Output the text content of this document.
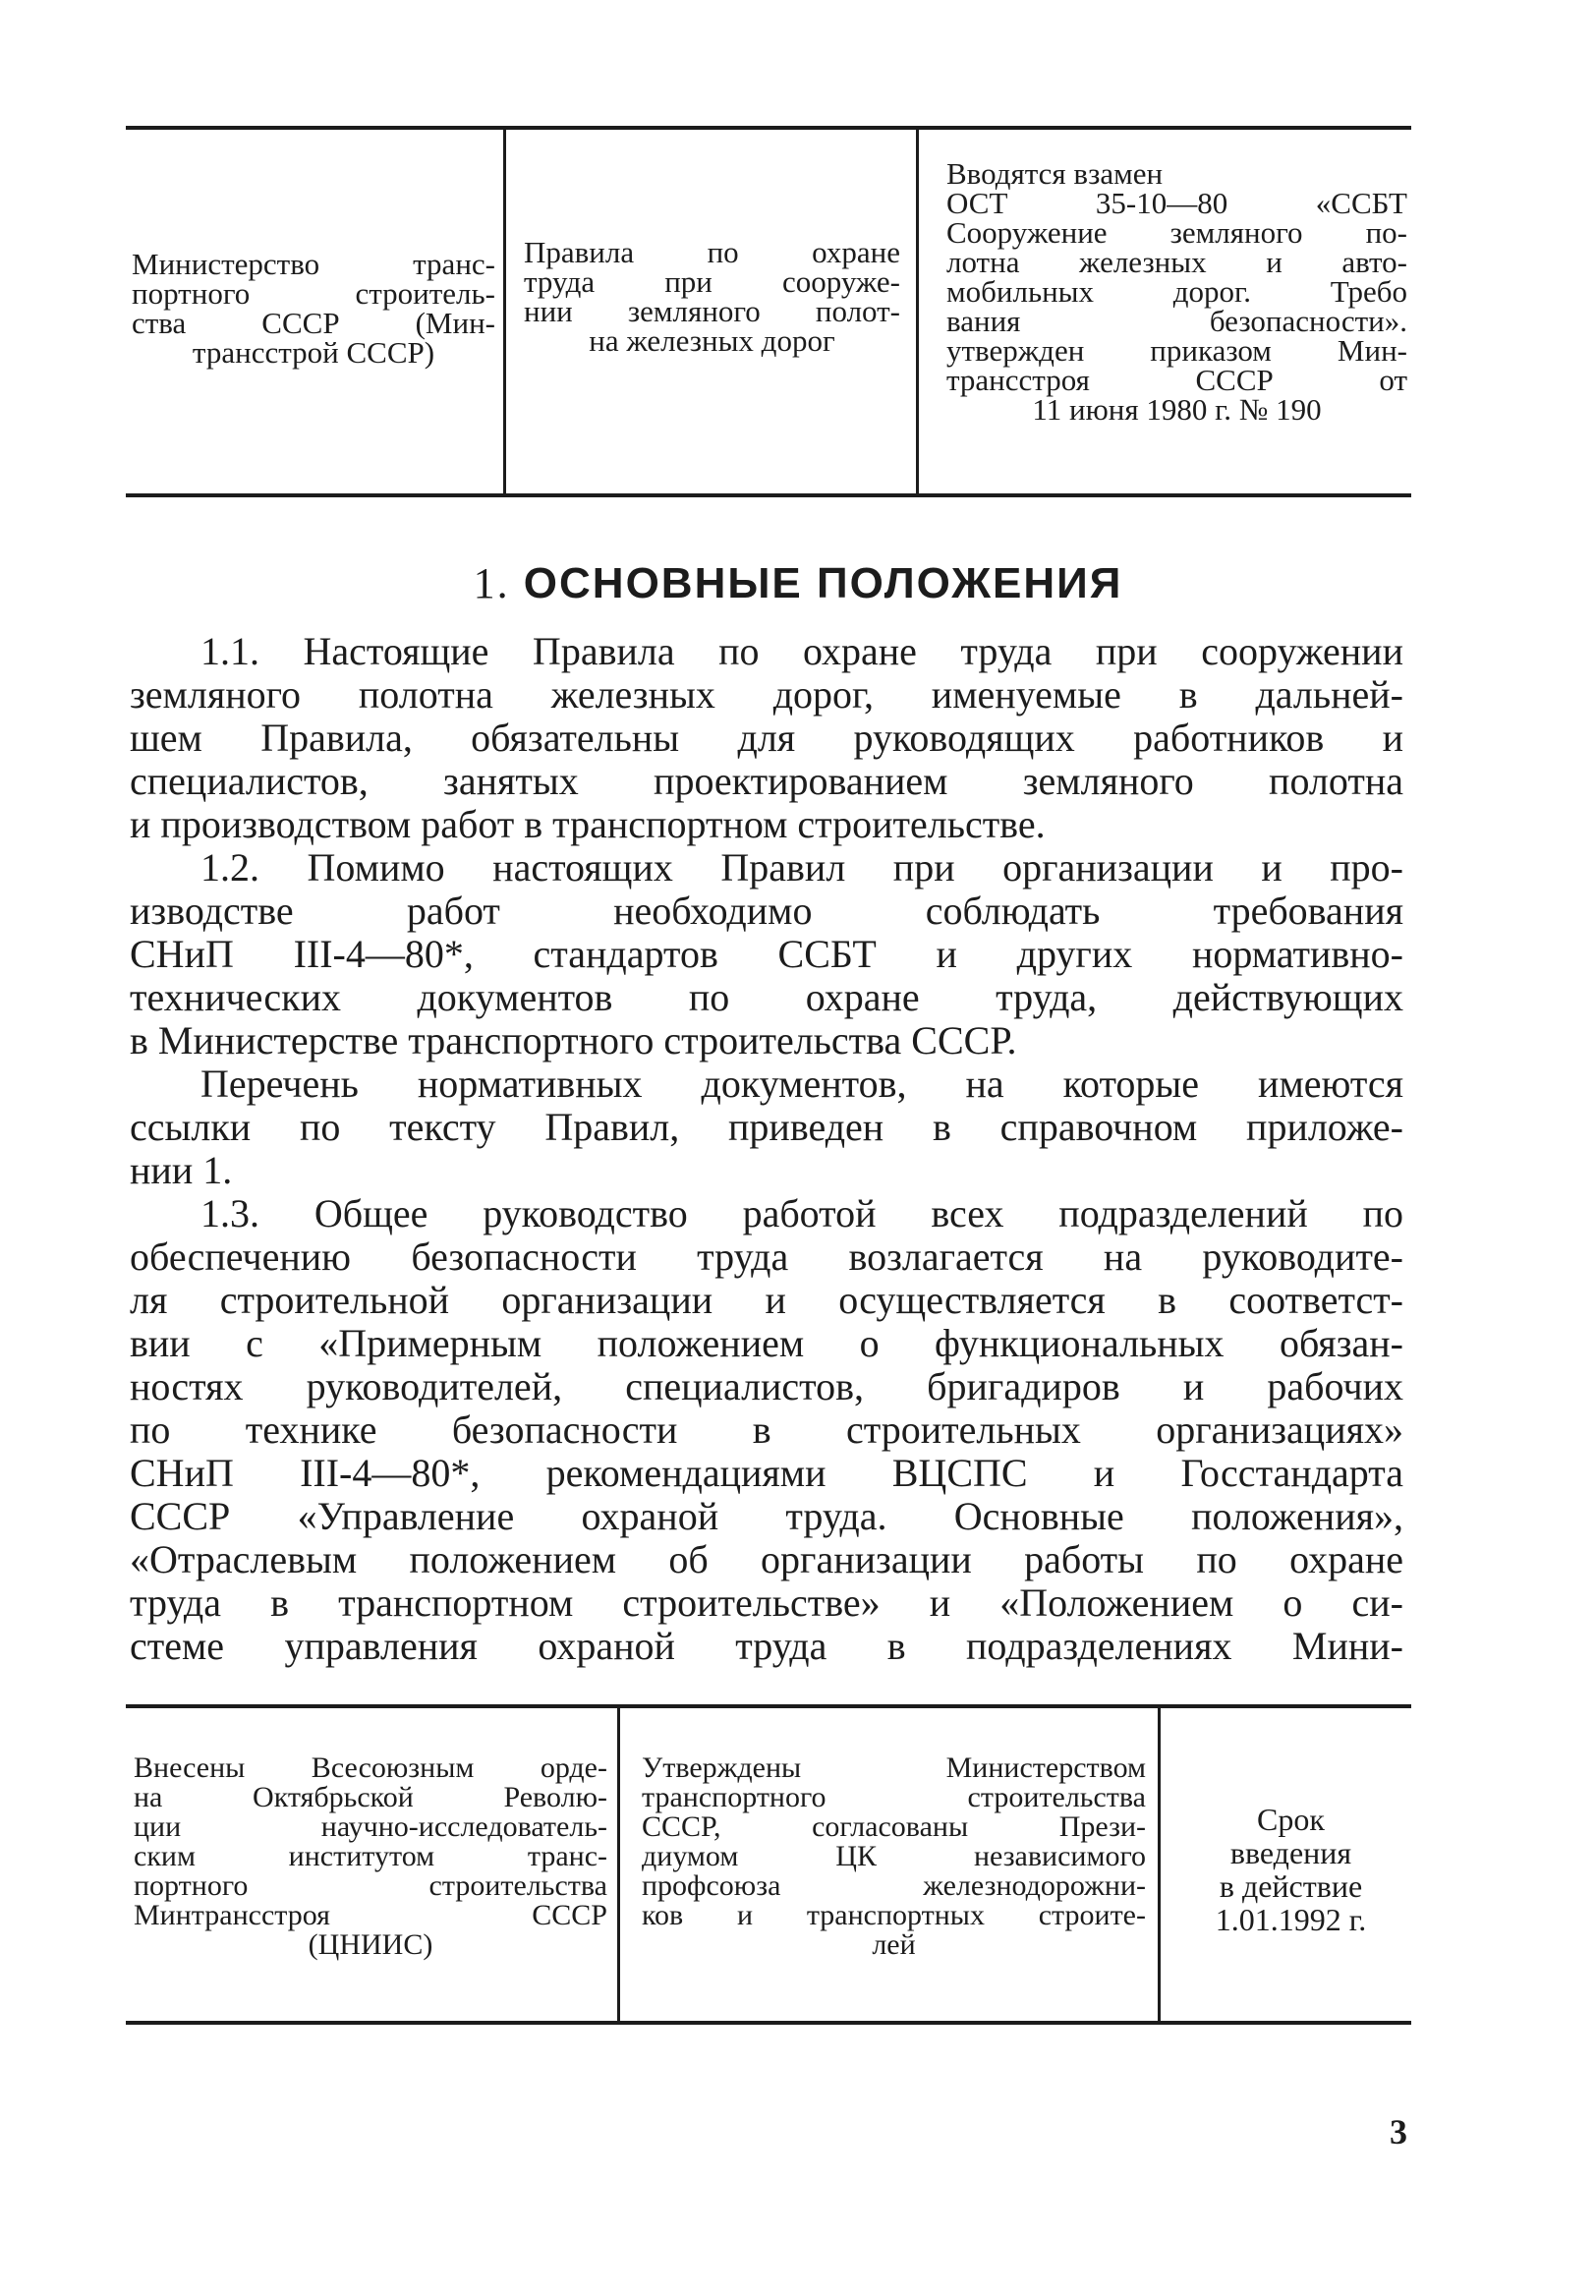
Министерство транс-
портного строитель-
ства СССР (Мин-
трансстрой СССР)
Правила по охране
труда при сооруже-
нии земляного полот-
на железных дорог
Вводятся взамен
ОСТ 35-10—80 «ССБТ
Сооружение земляного по-
лотна железных и авто-
мобильных дорог. Требо
вания безопасности».
утвержден приказом Мин-
трансстроя СССР от
11 июня 1980 г. № 190
1. ОСНОВНЫЕ ПОЛОЖЕНИЯ
1.1. Настоящие Правила по охране труда при сооружении
земляного полотна железных дорог, именуемые в дальней-
шем Правила, обязательны для руководящих работников и
специалистов, занятых проектированием земляного полотна
и производством работ в транспортном строительстве.
1.2. Помимо настоящих Правил при организации и про-
изводстве работ необходимо соблюдать требования
СНиП III-4—80*, стандартов ССБТ и других нормативно-
технических документов по охране труда, действующих
в Министерстве транспортного строительства СССР.
Перечень нормативных документов, на которые имеются
ссылки по тексту Правил, приведен в справочном приложе-
нии 1.
1.3. Общее руководство работой всех подразделений по
обеспечению безопасности труда возлагается на руководите-
ля строительной организации и осуществляется в соответст-
вии с «Примерным положением о функциональных обязан-
ностях руководителей, специалистов, бригадиров и рабочих
по технике безопасности в строительных организациях»
СНиП III-4—80*, рекомендациями ВЦСПС и Госстандарта
СССР «Управление охраной труда. Основные положения»,
«Отраслевым положением об организации работы по охране
труда в транспортном строительстве» и «Положением о си-
стеме управления охраной труда в подразделениях Мини-
Внесены Всесоюзным орде-
на Октябрьской Револю-
ции научно-исследователь-
ским институтом транс-
портного строительства
Минтрансстроя СССР
(ЦНИИС)
Утверждены Министерством
транспортного строительства
СССР, согласованы Прези-
диумом ЦК независимого
профсоюза железнодорожни-
ков и транспортных строите-
лей
Срок
введения
в действие
1.01.1992 г.
3
